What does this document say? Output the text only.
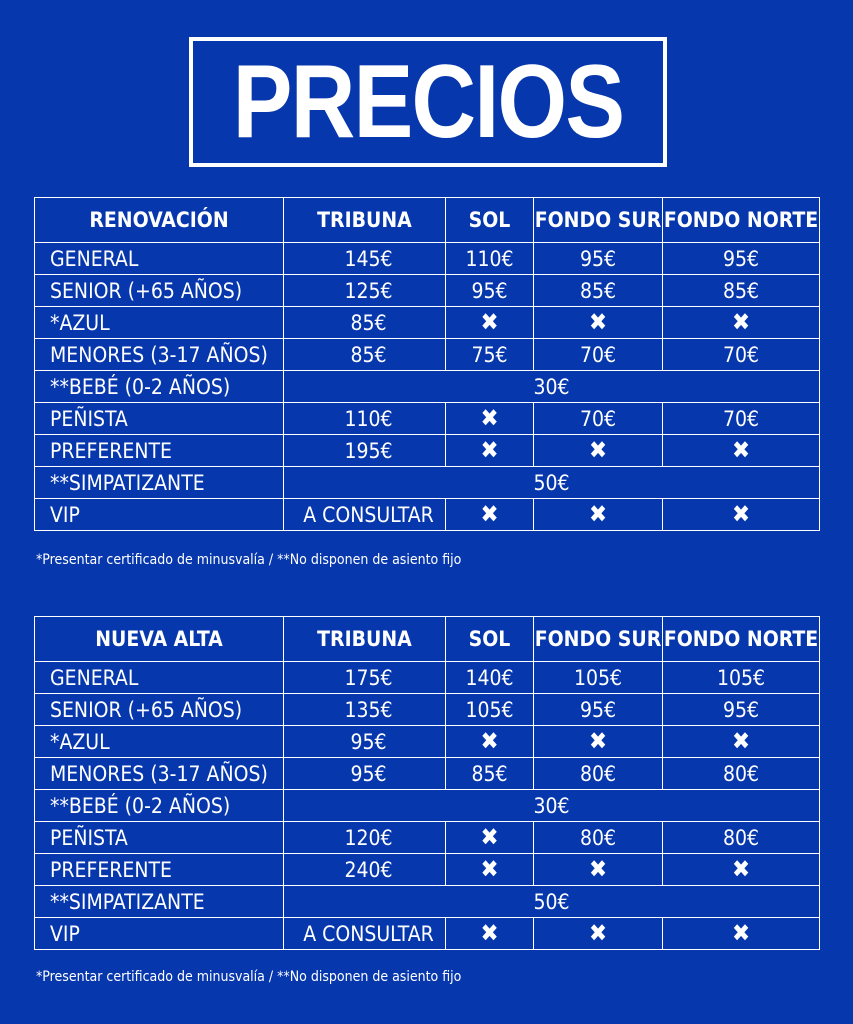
PRECIOS
RENOVACIÓN	TRIBUNA	SOL	FONDO SUR	FONDO NORTE
GENERAL	145€	110€	95€	95€
SENIOR (+65 AÑOS)	125€	95€	85€	85€
*AZUL	85€	✖	✖	✖
MENORES (3-17 AÑOS)	85€	75€	70€	70€
**BEBÉ (0-2 AÑOS)	30€			
PEÑISTA	110€	✖	70€	70€
PREFERENTE	195€	✖	✖	✖
**SIMPATIZANTE	50€			
VIP	A CONSULTAR	✖	✖	✖
*Presentar certificado de minusvalía / **No disponen de asiento fijo
NUEVA ALTA	TRIBUNA	SOL	FONDO SUR	FONDO NORTE
GENERAL	175€	140€	105€	105€
SENIOR (+65 AÑOS)	135€	105€	95€	95€
*AZUL	95€	✖	✖	✖
MENORES (3-17 AÑOS)	95€	85€	80€	80€
**BEBÉ (0-2 AÑOS)	30€			
PEÑISTA	120€	✖	80€	80€
PREFERENTE	240€	✖	✖	✖
**SIMPATIZANTE	50€			
VIP	A CONSULTAR	✖	✖	✖
*Presentar certificado de minusvalía / **No disponen de asiento fijo
